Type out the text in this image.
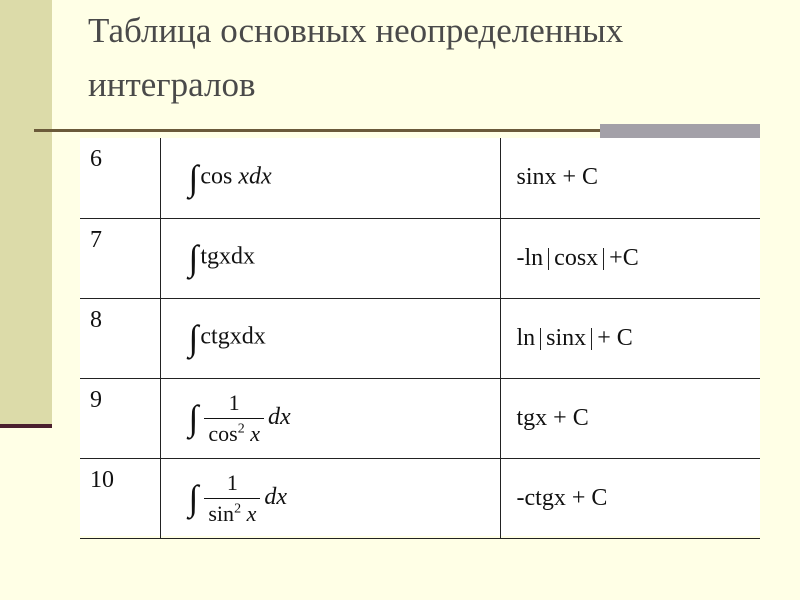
Таблица основных неопределенных интегралов
6	∫cos xdx	sinx + C
7	∫tgxdx	-ln cosx +C
8	∫ctgxdx	ln sinx + C
9	∫ $\frac{1}{\cos^2 x}$ dx	tgx + C
10	∫ $\frac{1}{\sin^2 x}$ dx	-ctgx + C
